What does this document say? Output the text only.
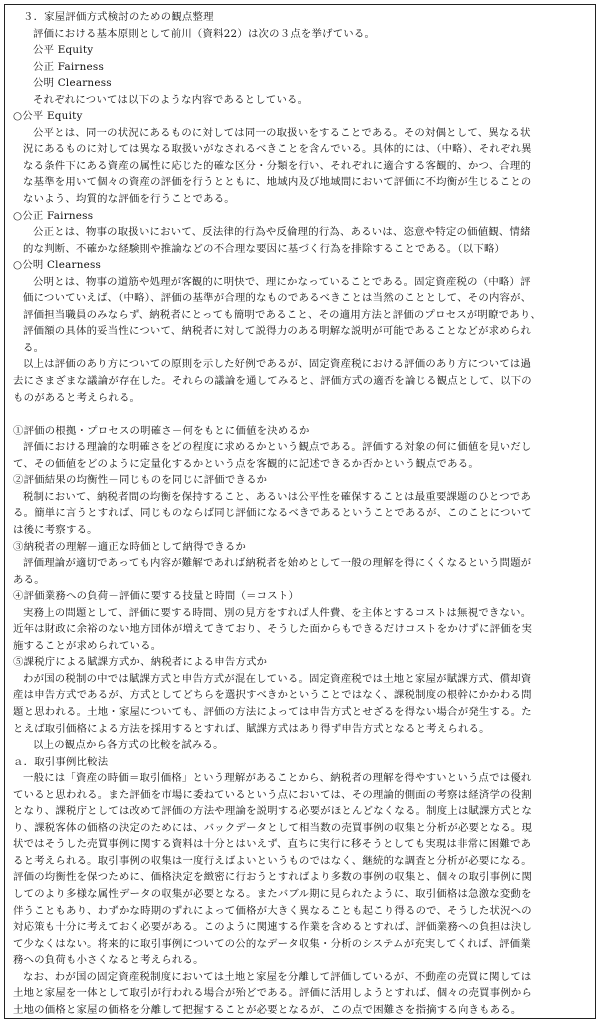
３．家屋評価方式検討のための観点整理
評価における基本原則として前川（資料22）は次の３点を挙げている。
公平 Equity
公正 Fairness
公明 Clearness
それぞれについては以下のような内容であるとしている。
○公平 Equity
公平とは、同一の状況にあるものに対しては同一の取扱いをすることである。その対偶として、異なる状
況にあるものに対しては異なる取扱いがなされるべきことを含んでいる。具体的には、（中略）、それぞれ異
なる条件下にある資産の属性に応じた的確な区分・分類を行い、それぞれに適合する客観的、かつ、合理的
な基準を用いて個々の資産の評価を行うとともに、地域内及び地域間において評価に不均衡が生じることの
ないよう、均質的な評価を行うことである。
○公正 Fairness
公正とは、物事の取扱いにおいて、反法律的行為や反倫理的行為、あるいは、恣意や特定の価値観、情緒
的な判断、不確かな経験則や推論などの不合理な要因に基づく行為を排除することである。（以下略）
○公明 Clearness
公明とは、物事の道筋や処理が客観的に明快で、理にかなっていることである。固定資産税の（中略）評
価についていえば、（中略）、評価の基準が合理的なものであるべきことは当然のこととして、その内容が、
評価担当職員のみならず、納税者にとっても簡明であること、その適用方法と評価のプロセスが明瞭であり、
評価額の具体的妥当性について、納税者に対して説得力のある明解な説明が可能であることなどが求められ
る。
以上は評価のあり方についての原則を示した好例であるが、固定資産税における評価のあり方については過
去にさまざまな議論が存在した。それらの議論を通してみると、評価方式の適否を論じる観点として、以下の
ものがあると考えられる。
①評価の根拠・プロセスの明確さ－何をもとに価値を決めるか
評価における理論的な明確さをどの程度に求めるかという観点である。評価する対象の何に価値を見いだし
て、その価値をどのように定量化するかという点を客観的に記述できるか否かという観点である。
②評価結果の均衡性－同じものを同じに評価できるか
税制において、納税者間の均衡を保持すること、あるいは公平性を確保することは最重要課題のひとつであ
る。簡単に言うとすれば、同じものならば同じ評価になるべきであるということであるが、このことについて
は後に考察する。
③納税者の理解－適正な時価として納得できるか
評価理論が適切であっても内容が難解であれば納税者を始めとして一般の理解を得にくくなるという問題が
ある。
④評価業務への負荷－評価に要する技量と時間（＝コスト）
実務上の問題として、評価に要する時間、別の見方をすれば人件費、を主体とするコストは無視できない。
近年は財政に余裕のない地方団体が増えてきており、そうした面からもできるだけコストをかけずに評価を実
施することが求められている。
⑤課税庁による賦課方式か、納税者による申告方式か
わが国の税制の中では賦課方式と申告方式が混在している。固定資産税では土地と家屋が賦課方式、償却資
産は申告方式であるが、方式としてどちらを選択すべきかということではなく、課税制度の根幹にかかわる問
題と思われる。土地・家屋についても、評価の方法によっては申告方式とせざるを得ない場合が発生する。た
とえば取引価格による方法を採用するとすれば、賦課方式はあり得ず申告方式となると考えられる。
以上の観点から各方式の比較を試みる。
ａ．取引事例比較法
一般には「資産の時価＝取引価格」という理解があることから、納税者の理解を得やすいという点では優れ
ていると思われる。また評価を市場に委ねているという点においては、その理論的側面の考察は経済学の役割
となり、課税庁としては改めて評価の方法や理論を説明する必要がほとんどなくなる。制度上は賦課方式とな
り、課税客体の価格の決定のためには、バックデータとして相当数の売買事例の収集と分析が必要となる。現
状ではそうした売買事例に関する資料は十分とはいえず、直ちに実行に移そうとしても実現は非常に困難であ
ると考えられる。取引事例の収集は一度行えばよいというものではなく、継続的な調査と分析が必要になる。
評価の均衡性を保つために、価格決定を緻密に行おうとすればより多数の事例の収集と、個々の取引事例に関
してのより多様な属性データの収集が必要となる。またバブル期に見られたように、取引価格は急激な変動を
伴うこともあり、わずかな時期のずれによって価格が大きく異なることも起こり得るので、そうした状況への
対応策も十分に考えておく必要がある。このように関連する作業を含めるとすれば、評価業務への負担は決し
て少なくはない。将来的に取引事例についての公的なデータ収集・分析のシステムが充実してくれば、評価業
務への負荷も小さくなると考えられる。
なお、わが国の固定資産税制度においては土地と家屋を分離して評価しているが、不動産の売買に関しては
土地と家屋を一体として取引が行われる場合が殆どである。評価に活用しようとすれば、個々の売買事例から
土地の価格と家屋の価格を分離して把握することが必要となるが、この点で困難さを指摘する向きもある。
